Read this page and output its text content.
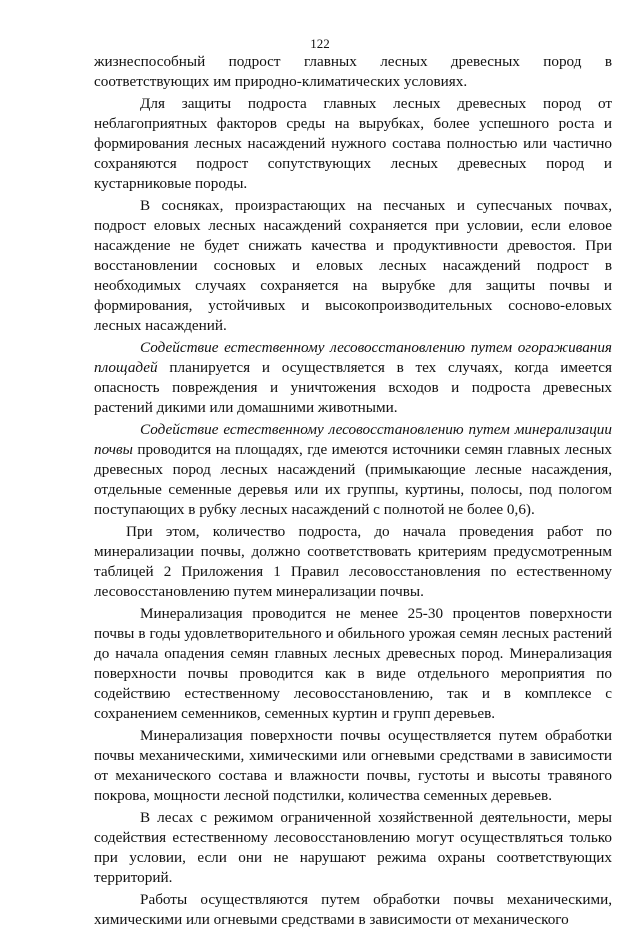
122

жизнеспособный подрост главных лесных древесных пород в соответствующих им природно-климатических условиях.

Для защиты подроста главных лесных древесных пород от неблагоприятных факторов среды на вырубках, более успешного роста и формирования лесных насаждений нужного состава полностью или частично сохраняются подрост сопутствующих лесных древесных пород и кустарниковые породы.

В сосняках, произрастающих на песчаных и супесчаных почвах, подрост еловых лесных насаждений сохраняется при условии, если еловое насаждение не будет снижать качества и продуктивности древостоя. При восстановлении сосновых и еловых лесных насаждений подрост в необходимых случаях сохраняется на вырубке для защиты почвы и формирования, устойчивых и высокопроизводительных сосново-еловых лесных насаждений.

Содействие естественному лесовосстановлению путем огораживания площадей планируется и осуществляется в тех случаях, когда имеется опасность повреждения и уничтожения всходов и подроста древесных растений дикими или домашними животными.

Содействие естественному лесовосстановлению путем минерализации почвы проводится на площадях, где имеются источники семян главных лесных древесных пород лесных насаждений (примыкающие лесные насаждения, отдельные семенные деревья или их группы, куртины, полосы, под пологом поступающих в рубку лесных насаждений с полнотой не более 0,6).

При этом, количество подроста, до начала проведения работ по минерализации почвы, должно соответствовать критериям предусмотренным таблицей 2 Приложения 1 Правил лесовосстановления по естественному лесовосстановлению путем минерализации почвы.

Минерализация проводится не менее 25-30 процентов поверхности почвы в годы удовлетворительного и обильного урожая семян лесных растений до начала опадения семян главных лесных древесных пород. Минерализация поверхности почвы проводится как в виде отдельного мероприятия по содействию естественному лесовосстановлению, так и в комплексе с сохранением семенников, семенных куртин и групп деревьев.

Минерализация поверхности почвы осуществляется путем обработки почвы механическими, химическими или огневыми средствами в зависимости от механического состава и влажности почвы, густоты и высоты травяного покрова, мощности лесной подстилки, количества семенных деревьев.

В лесах с режимом ограниченной хозяйственной деятельности, меры содействия естественному лесовосстановлению могут осуществляться только при условии, если они не нарушают режима охраны соответствующих территорий.

Работы осуществляются путем обработки почвы механическими, химическими или огневыми средствами в зависимости от механического
